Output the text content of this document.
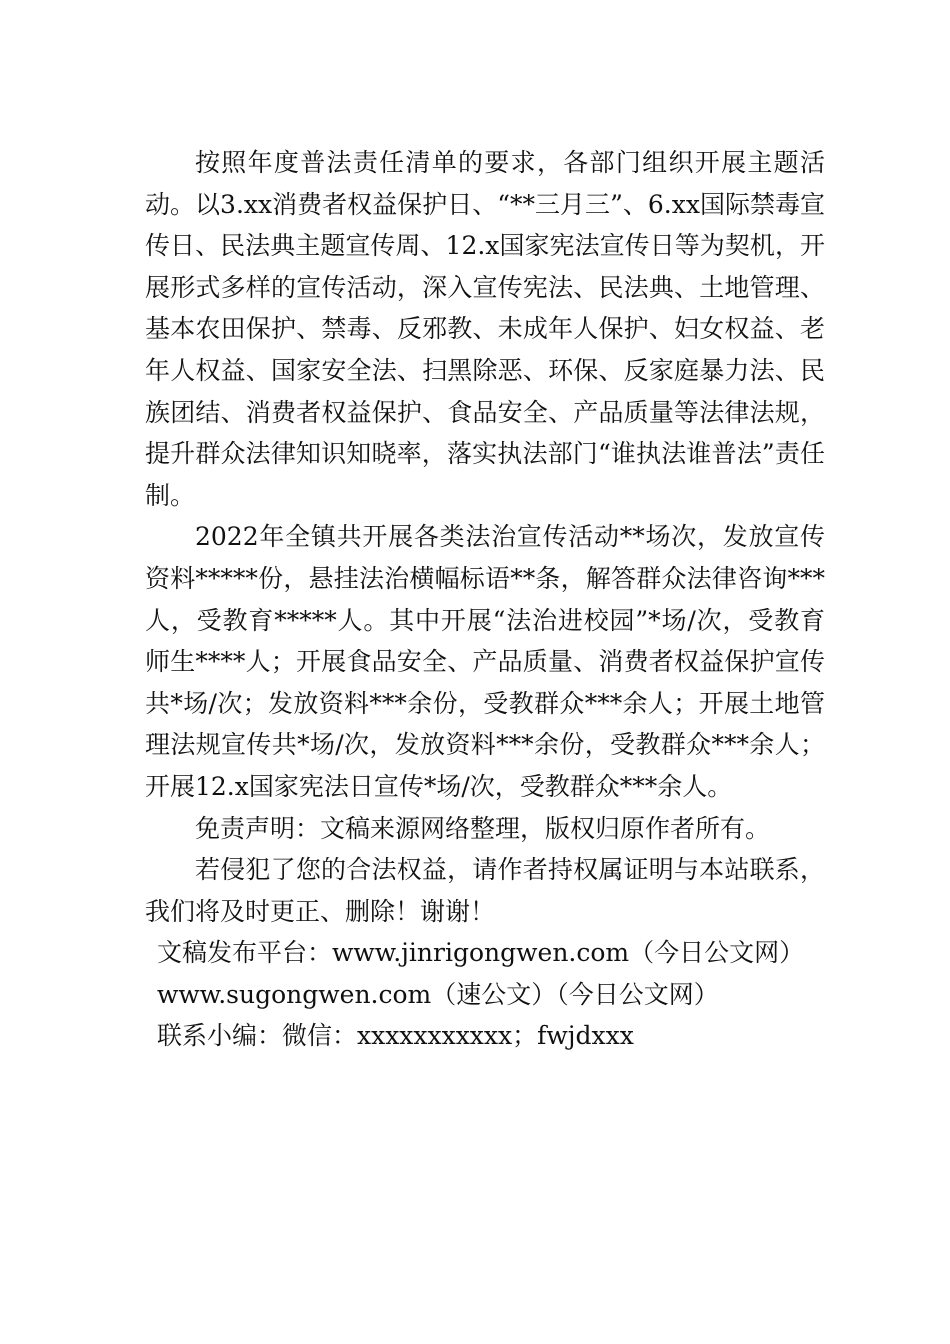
按照年度普法责任清单的要求，各部门组织开展主题活动。以3.xx消费者权益保护日、“**三月三”、6.xx国际禁毒宣传日、民法典主题宣传周、12.x国家宪法宣传日等为契机，开展形式多样的宣传活动，深入宣传宪法、民法典、土地管理、基本农田保护、禁毒、反邪教、未成年人保护、妇女权益、老年人权益、国家安全法、扫黑除恶、环保、反家庭暴力法、民族团结、消费者权益保护、食品安全、产品质量等法律法规，提升群众法律知识知晓率，落实执法部门“谁执法谁普法”责任制。

2022年全镇共开展各类法治宣传活动**场次，发放宣传资料*****份，悬挂法治横幅标语**条，解答群众法律咨询***人，受教育*****人。其中开展“法治进校园”*场/次，受教育师生****人；开展食品安全、产品质量、消费者权益保护宣传共*场/次；发放资料***余份，受教群众***余人；开展土地管理法规宣传共*场/次，发放资料***余份，受教群众***余人；开展12.x国家宪法日宣传*场/次，受教群众***余人。

免责声明：文稿来源网络整理，版权归原作者所有。

若侵犯了您的合法权益，请作者持权属证明与本站联系，我们将及时更正、删除！谢谢！

文稿发布平台：www.jinrigongwen.com（今日公文网）

www.sugongwen.com（速公文）（今日公文网）

联系小编：微信：xxxxxxxxxxx；fwjdxxx
